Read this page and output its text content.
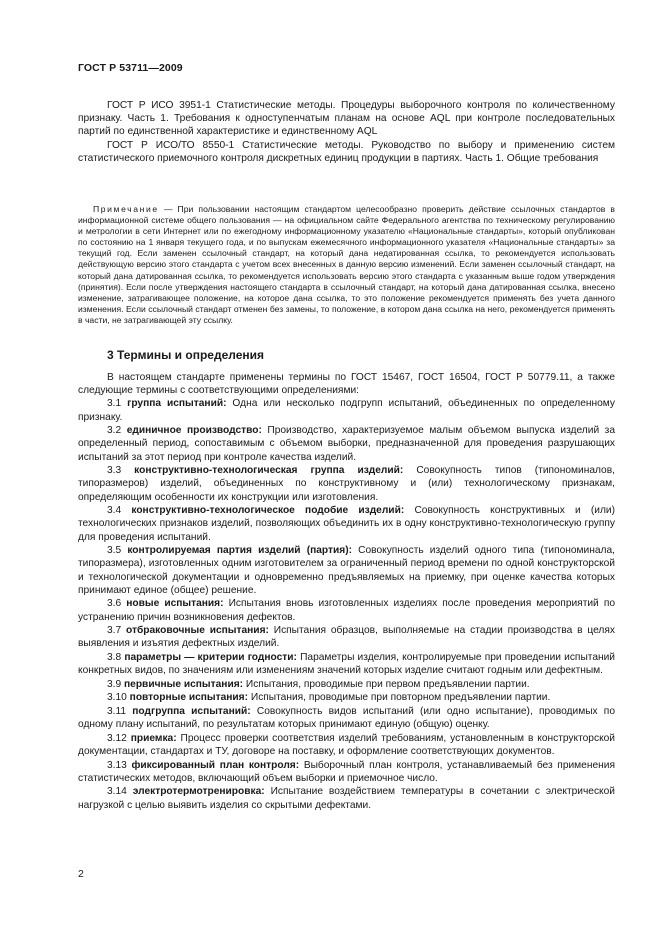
ГОСТ Р 53711—2009

ГОСТ Р ИСО 3951-1 Статистические методы. Процедуры выборочного контроля по количественному признаку. Часть 1. Требования к одноступенчатым планам на основе AQL при контроле последовательных партий по единственной характеристике и единственному AQL

ГОСТ Р ИСО/ТО 8550-1 Статистические методы. Руководство по выбору и применению систем статистического приемочного контроля дискретных единиц продукции в партиях. Часть 1. Общие требования

Примечание — При пользовании настоящим стандартом целесообразно проверить действие ссылочных стандартов в информационной системе общего пользования — на официальном сайте Федерального агентства по техническому регулированию и метрологии в сети Интернет или по ежегодному информационному указателю «Национальные стандарты», который опубликован по состоянию на 1 января текущего года, и по выпускам ежемесячного информационного указателя «Национальные стандарты» за текущий год. Если заменен ссылочный стандарт, на который дана недатированная ссылка, то рекомендуется использовать действующую версию этого стандарта с учетом всех внесенных в данную версию изменений. Если заменен ссылочный стандарт, на который дана датированная ссылка, то рекомендуется использовать версию этого стандарта с указанным выше годом утверждения (принятия). Если после утверждения настоящего стандарта в ссылочный стандарт, на который дана датированная ссылка, внесено изменение, затрагивающее положение, на которое дана ссылка, то это положение рекомендуется применять без учета данного изменения. Если ссылочный стандарт отменен без замены, то положение, в котором дана ссылка на него, рекомендуется применять в части, не затрагивающей эту ссылку.

3 Термины и определения

В настоящем стандарте применены термины по ГОСТ 15467, ГОСТ 16504, ГОСТ Р 50779.11, а также следующие термины с соответствующими определениями:

3.1 группа испытаний: Одна или несколько подгрупп испытаний, объединенных по определенному признаку.

3.2 единичное производство: Производство, характеризуемое малым объемом выпуска изделий за определенный период, сопоставимым с объемом выборки, предназначенной для проведения разрушающих испытаний за этот период при контроле качества изделий.

3.3 конструктивно-технологическая группа изделий: Совокупность типов (типономиналов, типоразмеров) изделий, объединенных по конструктивному и (или) технологическому признакам, определяющим особенности их конструкции или изготовления.

3.4 конструктивно-технологическое подобие изделий: Совокупность конструктивных и (или) технологических признаков изделий, позволяющих объединить их в одну конструктивно-технологическую группу для проведения испытаний.

3.5 контролируемая партия изделий (партия): Совокупность изделий одного типа (типономинала, типоразмера), изготовленных одним изготовителем за ограниченный период времени по одной конструкторской и технологической документации и одновременно предъявляемых на приемку, при оценке качества которых принимают единое (общее) решение.

3.6 новые испытания: Испытания вновь изготовленных изделиях после проведения мероприятий по устранению причин возникновения дефектов.

3.7 отбраковочные испытания: Испытания образцов, выполняемые на стадии производства в целях выявления и изъятия дефектных изделий.

3.8 параметры — критерии годности: Параметры изделия, контролируемые при проведении испытаний конкретных видов, по значениям или изменениям значений которых изделие считают годным или дефектным.

3.9 первичные испытания: Испытания, проводимые при первом предъявлении партии.

3.10 повторные испытания: Испытания, проводимые при повторном предъявлении партии.

3.11 подгруппа испытаний: Совокупность видов испытаний (или одно испытание), проводимых по одному плану испытаний, по результатам которых принимают единую (общую) оценку.

3.12 приемка: Процесс проверки соответствия изделий требованиям, установленным в конструкторской документации, стандартах и ТУ, договоре на поставку, и оформление соответствующих документов.

3.13 фиксированный план контроля: Выборочный план контроля, устанавливаемый без применения статистических методов, включающий объем выборки и приемочное число.

3.14 электротермотренировка: Испытание воздействием температуры в сочетании с электрической нагрузкой с целью выявить изделия со скрытыми дефектами.

2
